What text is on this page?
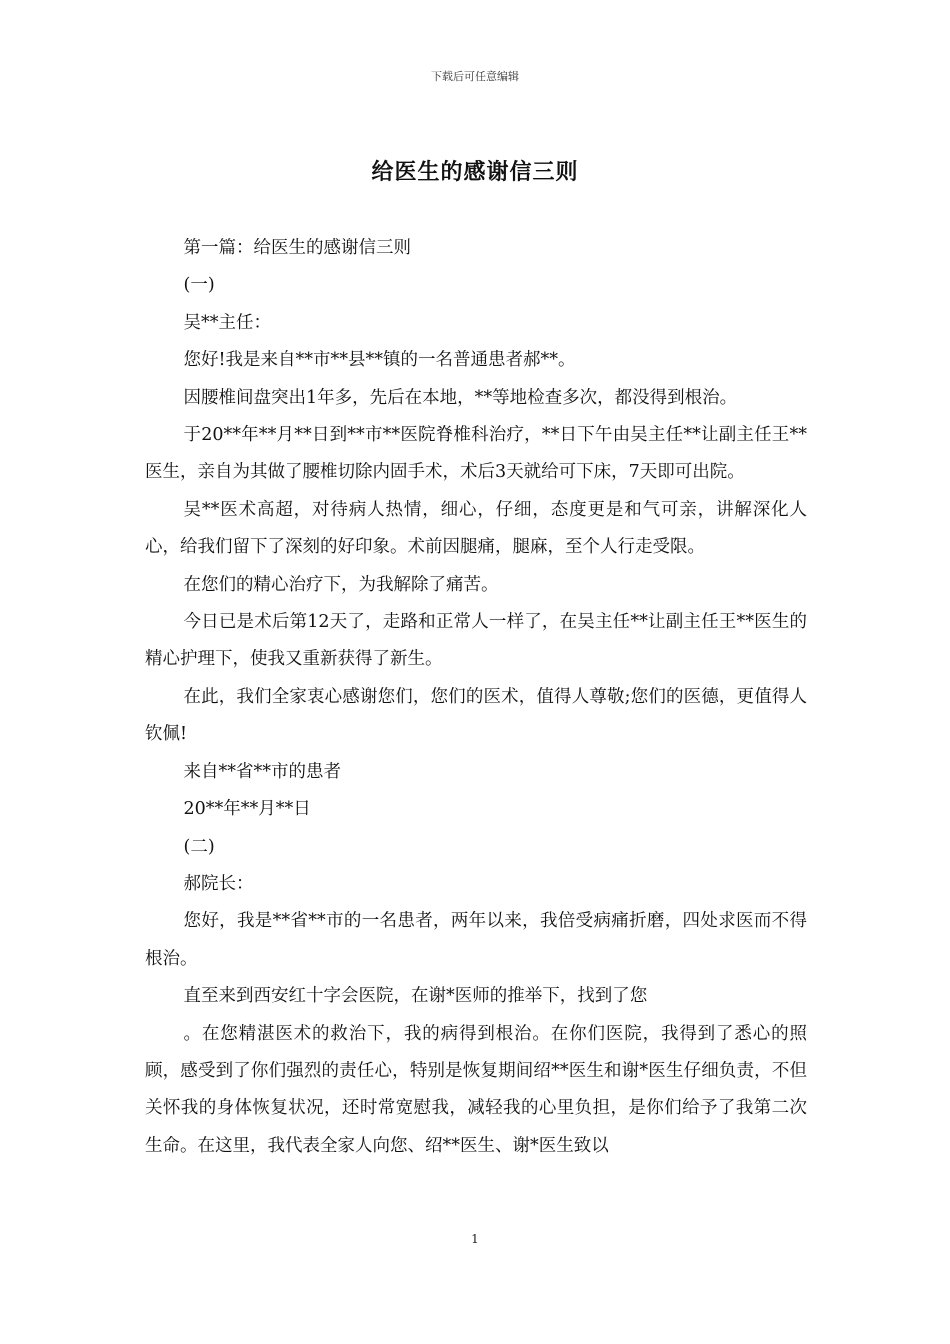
下载后可任意编辑
给医生的感谢信三则

第一篇：给医生的感谢信三则

(一)

吴**主任：

您好!我是来自**市**县**镇的一名普通患者郝**。

因腰椎间盘突出1年多，先后在本地，**等地检查多次，都没得到根治。

于20**年**月**日到**市**医院脊椎科治疗，**日下午由吴主任**让副主任王**医生，亲自为其做了腰椎切除内固手术，术后3天就给可下床，7天即可出院。

吴**医术高超，对待病人热情，细心，仔细，态度更是和气可亲，讲解深化人心，给我们留下了深刻的好印象。术前因腿痛，腿麻，至个人行走受限。

在您们的精心治疗下，为我解除了痛苦。

今日已是术后第12天了，走路和正常人一样了，在吴主任**让副主任王**医生的精心护理下，使我又重新获得了新生。

在此，我们全家衷心感谢您们，您们的医术，值得人尊敬;您们的医德，更值得人钦佩!

来自**省**市的患者

20**年**月**日

(二)

郝院长：

您好，我是**省**市的一名患者，两年以来，我倍受病痛折磨，四处求医而不得根治。

直至来到西安红十字会医院，在谢*医师的推举下，找到了您

。在您精湛医术的救治下，我的病得到根治。在你们医院，我得到了悉心的照顾，感受到了你们强烈的责任心，特别是恢复期间绍**医生和谢*医生仔细负责，不但关怀我的身体恢复状况，还时常宽慰我，减轻我的心里负担，是你们给予了我第二次生命。在这里，我代表全家人向您、绍**医生、谢*医生致以

1
